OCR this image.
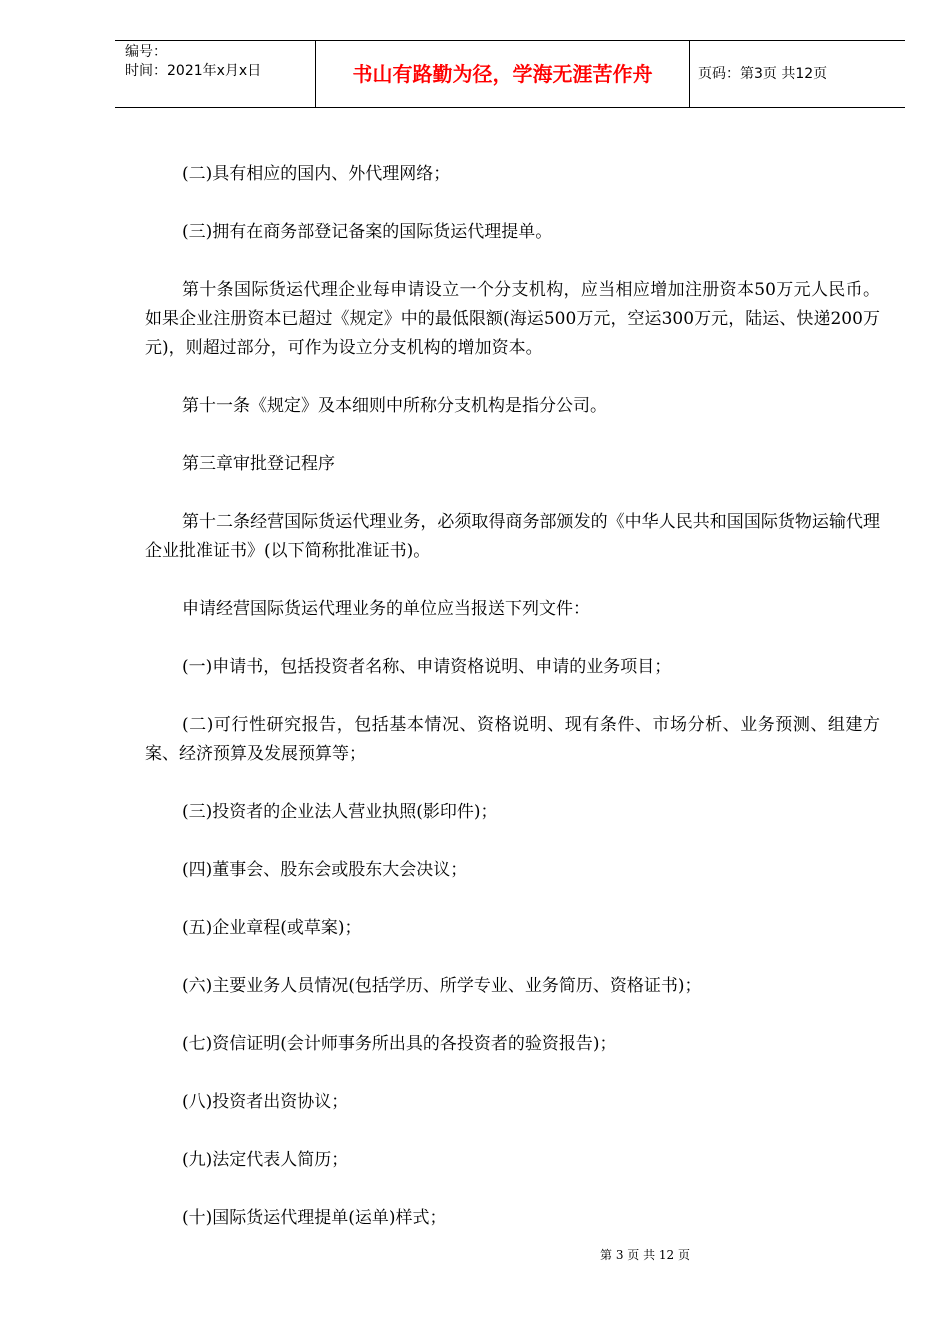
编号：
时间：2021年x月x日	书山有路勤为径，学海无涯苦作舟	页码：第3页 共12页

(二)具有相应的国内、外代理网络；

(三)拥有在商务部登记备案的国际货运代理提单。

第十条国际货运代理企业每申请设立一个分支机构，应当相应增加注册资本50万元人民币。如果企业注册资本已超过《规定》中的最低限额(海运500万元，空运300万元，陆运、快递200万元)，则超过部分，可作为设立分支机构的增加资本。

第十一条《规定》及本细则中所称分支机构是指分公司。

第三章审批登记程序

第十二条经营国际货运代理业务，必须取得商务部颁发的《中华人民共和国国际货物运输代理企业批准证书》(以下简称批准证书)。

申请经营国际货运代理业务的单位应当报送下列文件：

(一)申请书，包括投资者名称、申请资格说明、申请的业务项目；

(二)可行性研究报告，包括基本情况、资格说明、现有条件、市场分析、业务预测、组建方案、经济预算及发展预算等；

(三)投资者的企业法人营业执照(影印件)；

(四)董事会、股东会或股东大会决议；

(五)企业章程(或草案)；

(六)主要业务人员情况(包括学历、所学专业、业务简历、资格证书)；

(七)资信证明(会计师事务所出具的各投资者的验资报告)；

(八)投资者出资协议；

(九)法定代表人简历；

(十)国际货运代理提单(运单)样式；

第 3 页 共 12 页
